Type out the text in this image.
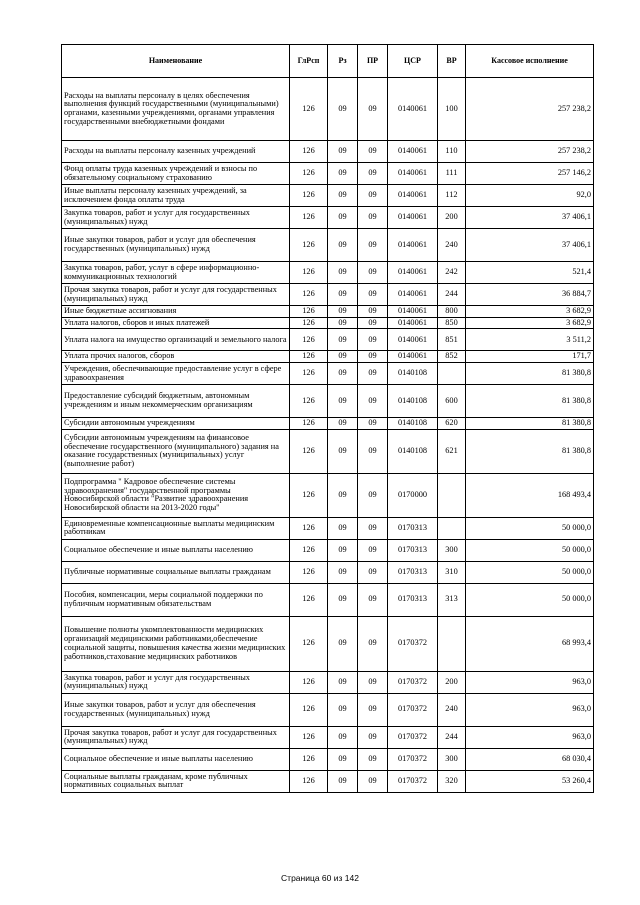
Наименование	ГлРсп	Рз	ПР	ЦСР	ВР	Кассовое исполнение
Расходы на выплаты персоналу в целях обеспечения выполнения функций государственными (муниципальными) органами, казенными учреждениями, органами управления государственными внебюджетными фондами	126	09	09	0140061	100	257 238,2
Расходы на выплаты персоналу казенных учреждений	126	09	09	0140061	110	257 238,2
Фонд оплаты труда казенных учреждений и взносы по обязательному социальному страхованию	126	09	09	0140061	111	257 146,2
Иные выплаты персоналу казенных учреждений, за исключением фонда оплаты труда	126	09	09	0140061	112	92,0
Закупка товаров, работ и услуг для государственных (муниципальных) нужд	126	09	09	0140061	200	37 406,1
Иные закупки товаров, работ и услуг для обеспечения государственных (муниципальных) нужд	126	09	09	0140061	240	37 406,1
Закупка товаров, работ, услуг в сфере информационно-коммуникационных технологий	126	09	09	0140061	242	521,4
Прочая закупка товаров, работ и услуг для государственных (муниципальных) нужд	126	09	09	0140061	244	36 884,7
Иные бюджетные ассигнования	126	09	09	0140061	800	3 682,9
Уплата налогов, сборов и иных платежей	126	09	09	0140061	850	3 682,9
Уплата налога на имущество организаций и земельного налога	126	09	09	0140061	851	3 511,2
Уплата прочих налогов, сборов	126	09	09	0140061	852	171,7
Учреждения, обеспечивающие предоставление услуг в сфере здравоохранения	126	09	09	0140108		81 380,8
Предоставление субсидий бюджетным, автономным учреждениям и иным некоммерческим организациям	126	09	09	0140108	600	81 380,8
Субсидии автономным учреждениям	126	09	09	0140108	620	81 380,8
Субсидии автономным учреждениям на финансовое обеспечение государственного (муниципального) задания на оказание государственных (муниципальных) услуг (выполнение работ)	126	09	09	0140108	621	81 380,8
Подпрограмма " Кадровое обеспечение системы здравоохранения" государственной программы Новосибирской области "Развитие здравоохранения Новосибирской области на 2013-2020 годы"	126	09	09	0170000		168 493,4
Единовременные компенсационные выплаты медицинским работникам	126	09	09	0170313		50 000,0
Социальное обеспечение и иные выплаты населению	126	09	09	0170313	300	50 000,0
Публичные нормативные социальные выплаты гражданам	126	09	09	0170313	310	50 000,0
Пособия, компенсации, меры социальной поддержки по публичным нормативным обязательствам	126	09	09	0170313	313	50 000,0
Повышение полноты укомплектованности медицинских организаций медицинскими работниками,обеспечение социальной защиты, повышения качества жизни медицинских работников,стахование медицинских работников	126	09	09	0170372		68 993,4
Закупка товаров, работ и услуг для государственных (муниципальных) нужд	126	09	09	0170372	200	963,0
Иные закупки товаров, работ и услуг для обеспечения государственных (муниципальных) нужд	126	09	09	0170372	240	963,0
Прочая закупка товаров, работ и услуг для государственных (муниципальных) нужд	126	09	09	0170372	244	963,0
Социальное обеспечение и иные выплаты населению	126	09	09	0170372	300	68 030,4
Социальные выплаты гражданам, кроме публичных нормативных социальных выплат	126	09	09	0170372	320	53 260,4
Страница 60 из 142
